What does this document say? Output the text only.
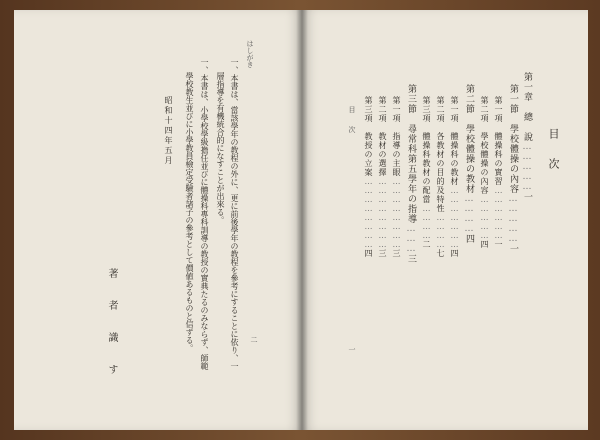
はしがき
二
一、本書は、當該學年の教程の外に、更に前後學年の教程を參考にすることに依り、一
層指導を有機統合的になすことが出來る。
一、本書は、小學校學級擔任並びに體操科專科訓導の教授の實典たるのみならず、師範
學校教生並びに小學教員檢定受驗者諸子の參考として價値あるものと信ずる。
昭和十四年五月
著　者　識　す
目　次
第一章　總　說……………一
第一節　學校體操の內容……………一
第一項　體操科の實習………………一
第二項　學校體操の內容……………四
第二節　學校體操の教材…………四
第一項　體操科の教材…………………四
第二項　各教材の目的及特性…………七
第三項　體操科教材の配當…………二
第三節　尋常科第五學年の指導………三
第一項　指導の主眼……………………三
第二項　教材の選擇……………………三
第三項　教授の立案……………………四
目　次
一
